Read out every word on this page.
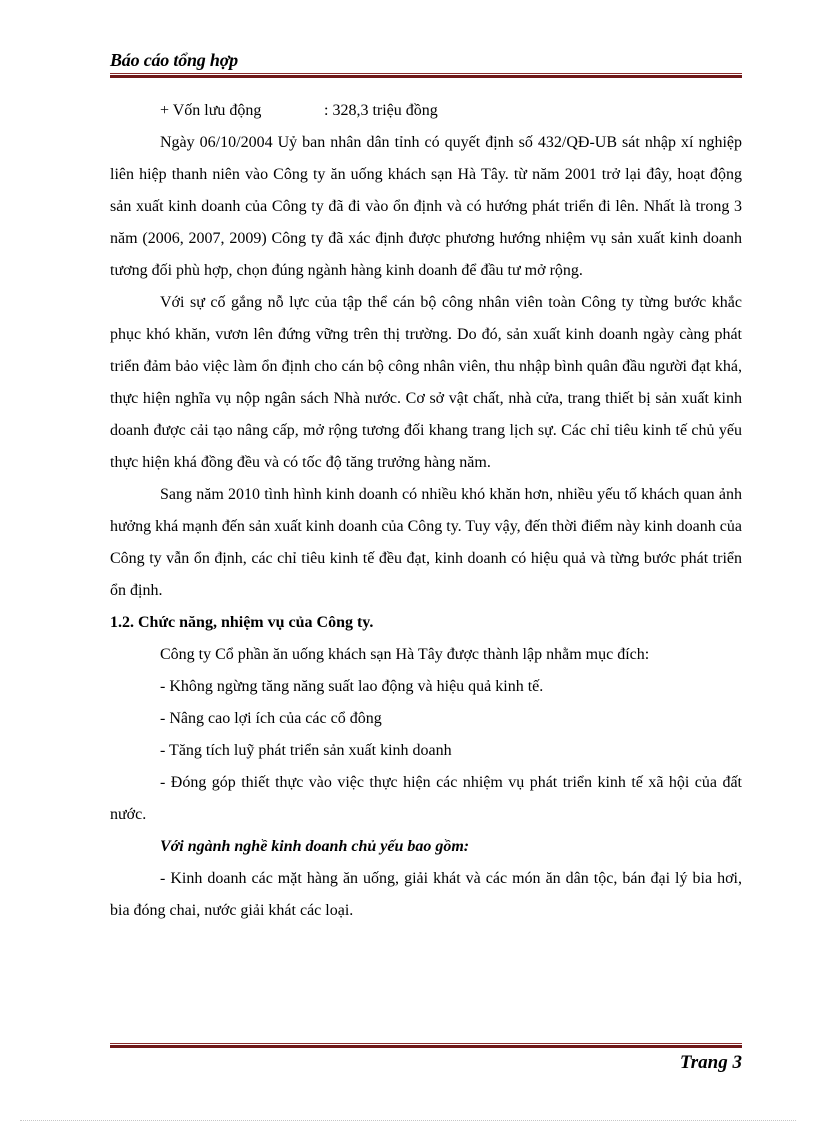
Báo cáo tổng hợp

+ Vốn lưu động	: 328,3 triệu đồng

Ngày 06/10/2004 Uỷ ban nhân dân tỉnh có quyết định số 432/QĐ-UB sát nhập xí nghiệp liên hiệp thanh niên vào Công ty ăn uống khách sạn Hà Tây. từ năm 2001 trở lại đây, hoạt động sản xuất kinh doanh của Công ty đã đi vào ổn định và có hướng phát triển đi lên. Nhất là trong 3 năm (2006, 2007, 2009) Công ty đã xác định được phương hướng nhiệm vụ sản xuất kinh doanh tương đối phù hợp, chọn đúng ngành hàng kinh doanh để đầu tư mở rộng.

Với sự cố gắng nỗ lực của tập thể cán bộ công nhân viên toàn Công ty từng bước khắc phục khó khăn, vươn lên đứng vững trên thị trường. Do đó, sản xuất kinh doanh ngày càng phát triển đảm bảo việc làm ổn định cho cán bộ công nhân viên, thu nhập bình quân đầu người đạt khá, thực hiện nghĩa vụ nộp ngân sách Nhà nước. Cơ sở vật chất, nhà cửa, trang thiết bị sản xuất kinh doanh được cải tạo nâng cấp, mở rộng tương đối khang trang lịch sự. Các chỉ tiêu kinh tế chủ yếu thực hiện khá đồng đều và có tốc độ tăng trưởng hàng năm.

Sang năm 2010 tình hình kinh doanh có nhiều khó khăn hơn, nhiều yếu tố khách quan ảnh hưởng khá mạnh đến sản xuất kinh doanh của Công ty. Tuy vậy, đến thời điểm này kinh doanh của Công ty vẫn ổn định, các chỉ tiêu kinh tế đều đạt, kinh doanh có hiệu quả và từng bước phát triển ổn định.

1.2. Chức năng, nhiệm vụ của Công ty.

Công ty Cổ phần ăn uống khách sạn Hà Tây được thành lập nhằm mục đích:

- Không ngừng tăng năng suất lao động và hiệu quả kinh tế.

- Nâng cao lợi ích của các cổ đông

- Tăng tích luỹ phát triển sản xuất kinh doanh

- Đóng góp thiết thực vào việc thực hiện các nhiệm vụ phát triển kinh tế xã hội của đất nước.

Với ngành nghề kinh doanh chủ yếu bao gồm:

- Kinh doanh các mặt hàng ăn uống, giải khát và các món ăn dân tộc, bán đại lý bia hơi, bia đóng chai, nước giải khát các loại.

Trang 3
